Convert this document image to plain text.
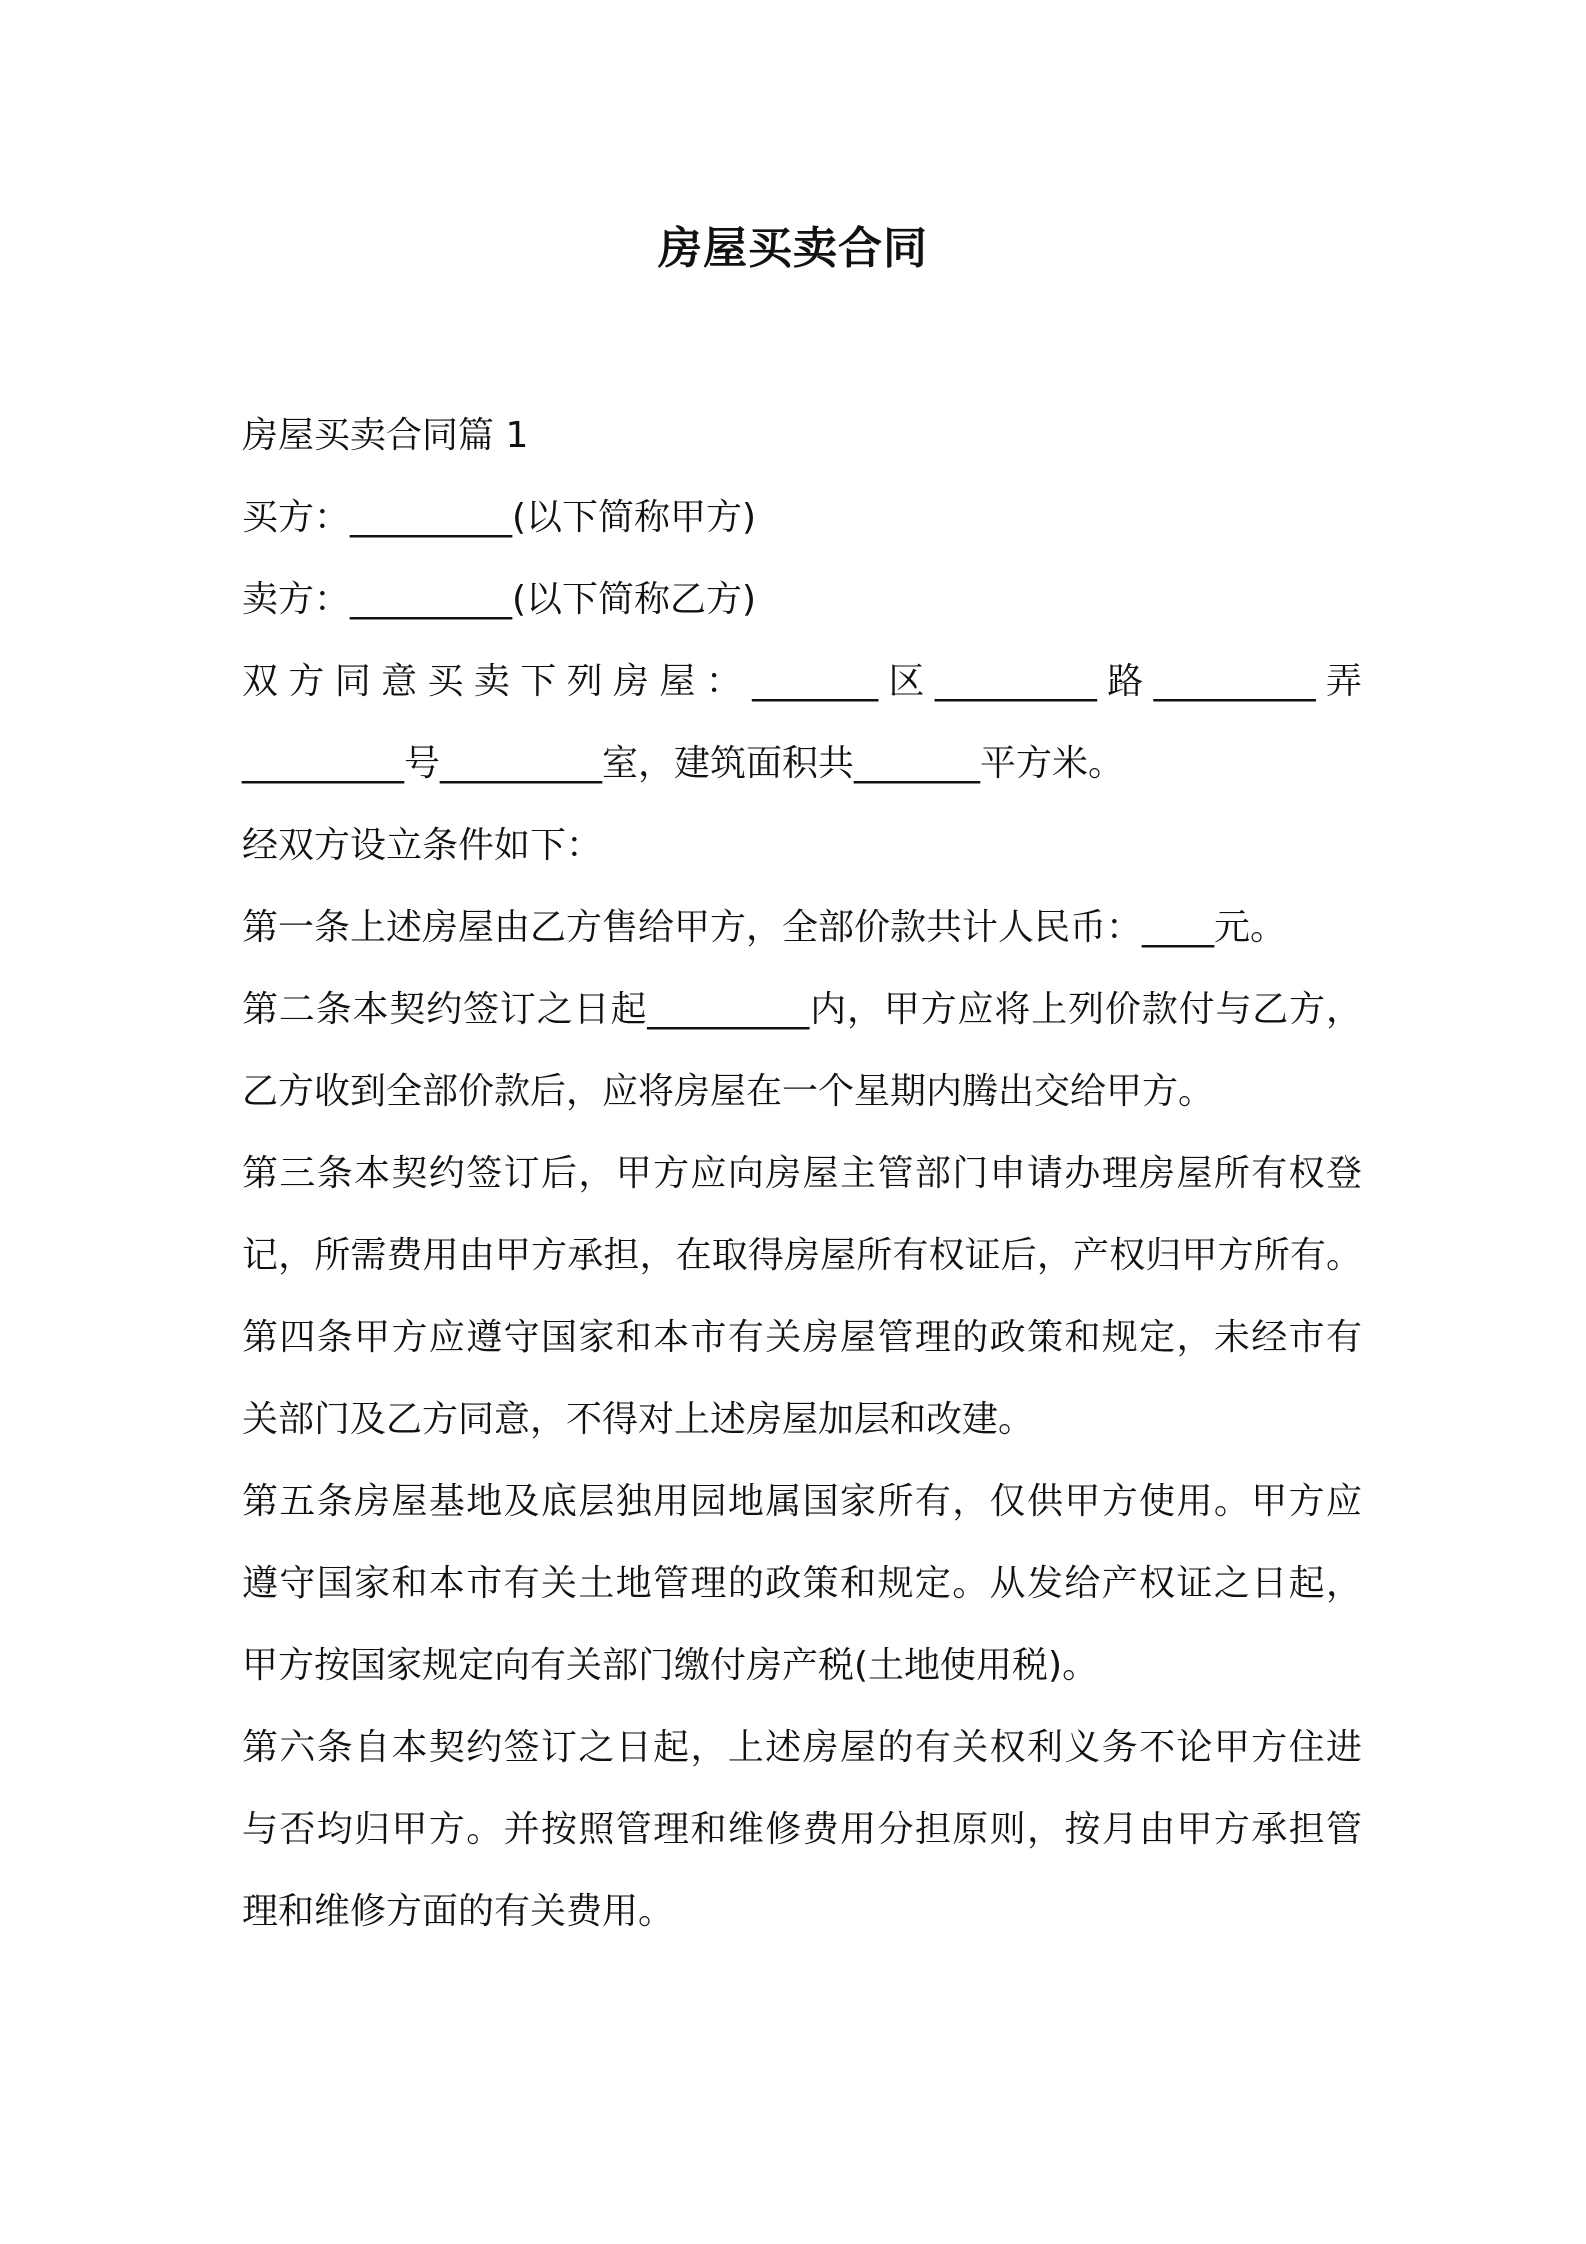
房屋买卖合同
房屋买卖合同篇 1
买方：_________(以下简称甲方)
卖方：_________(以下简称乙方)
双方同意买卖下列房屋：_______区_________路_________弄
_________号_________室，建筑面积共_______平方米。
经双方设立条件如下：
第一条上述房屋由乙方售给甲方，全部价款共计人民币：____元。
第二条本契约签订之日起_________内，甲方应将上列价款付与乙方，
乙方收到全部价款后，应将房屋在一个星期内腾出交给甲方。
第三条本契约签订后，甲方应向房屋主管部门申请办理房屋所有权登
记，所需费用由甲方承担，在取得房屋所有权证后，产权归甲方所有。
第四条甲方应遵守国家和本市有关房屋管理的政策和规定，未经市有
关部门及乙方同意，不得对上述房屋加层和改建。
第五条房屋基地及底层独用园地属国家所有，仅供甲方使用。甲方应
遵守国家和本市有关土地管理的政策和规定。从发给产权证之日起，
甲方按国家规定向有关部门缴付房产税(土地使用税)。
第六条自本契约签订之日起，上述房屋的有关权利义务不论甲方住进
与否均归甲方。并按照管理和维修费用分担原则，按月由甲方承担管
理和维修方面的有关费用。
